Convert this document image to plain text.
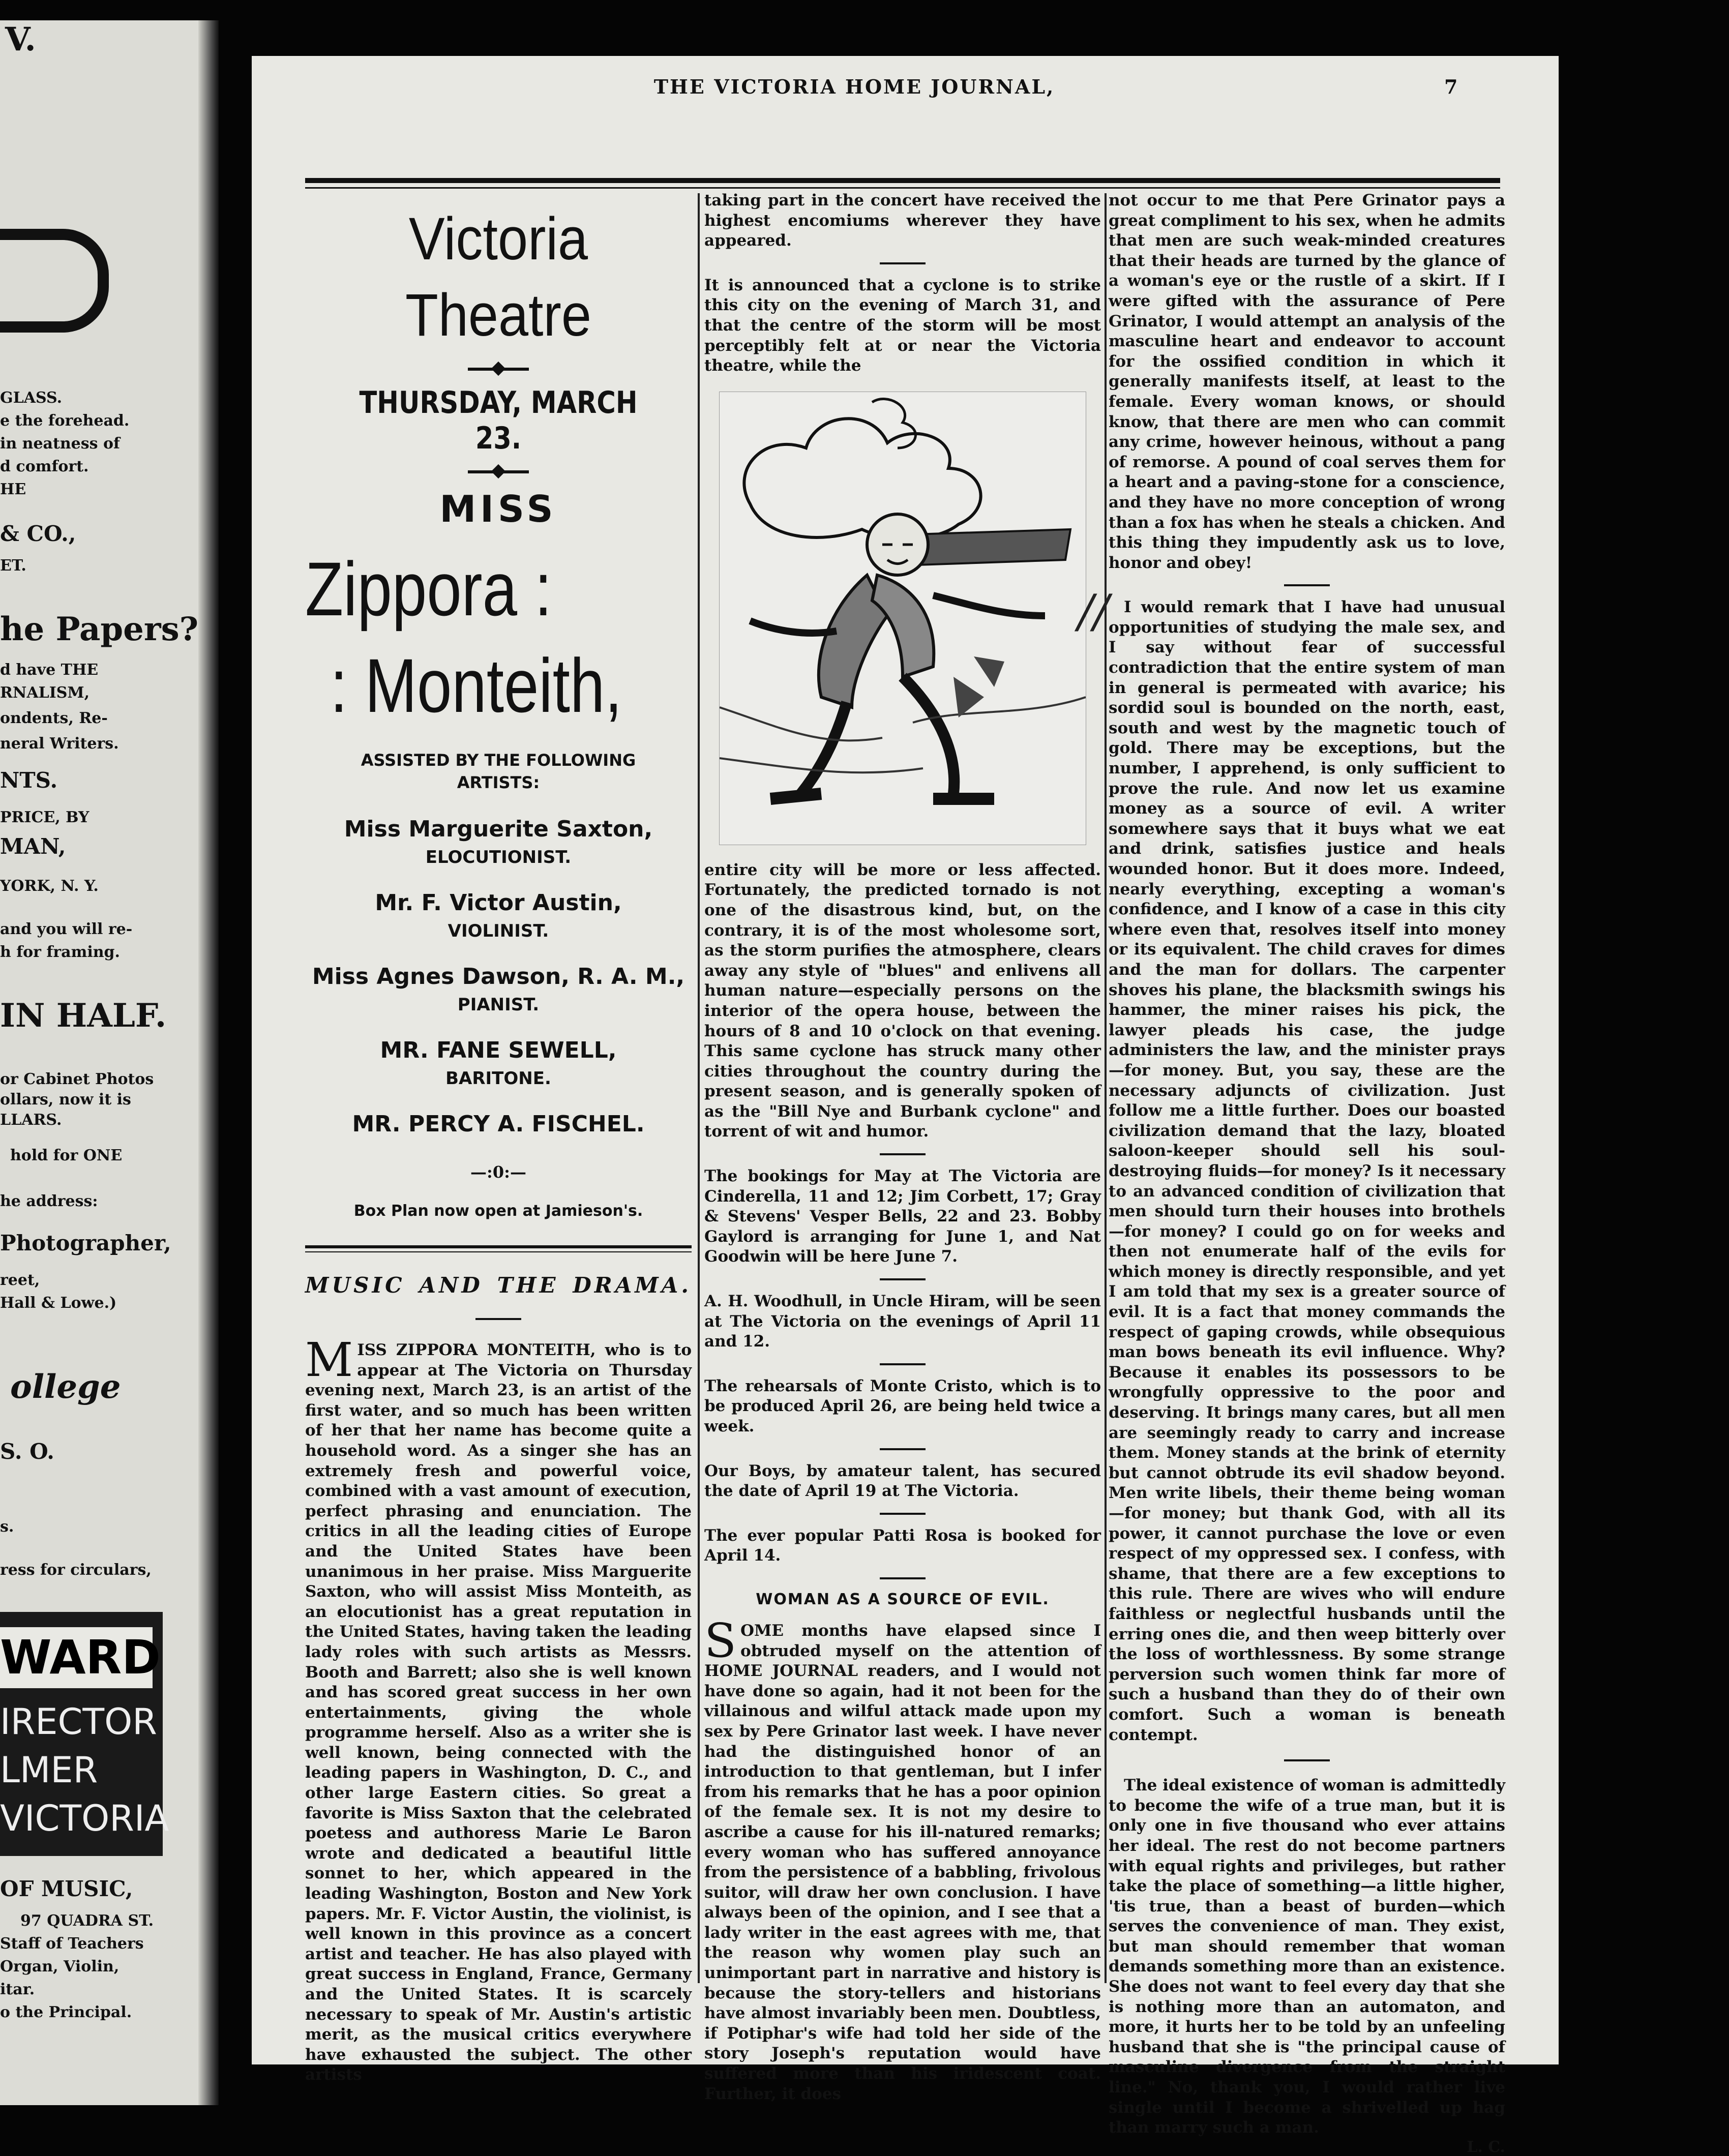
V.
GLASS.
e the forehead.
in neatness of
d comfort.
HE
& CO.,
ET.
he Papers?
d have THE
RNALISM,
ondents, Re-
neral Writers.
NTS.
PRICE, BY
MAN,
YORK, N. Y.
and you will re-
h for framing.
IN HALF.
or Cabinet Photos
ollars, now it is
LLARS.
hold for ONE
he address:
Photographer,
reet,
Hall & Lowe.)
ollege
S. O.
s.
ress for circulars,
WARD
IRECTOR
LMER
VICTORIA
OF MUSIC,
97 QUADRA ST.
Staff of Teachers
Organ, Violin,
itar.
o the Principal.
THE VICTORIA HOME JOURNAL,	7
Victoria Theatre
THURSDAY, MARCH 23.
MISS
Zippora :
: Monteith,
ASSISTED BY THE FOLLOWING ARTISTS:
Miss Marguerite Saxton,
ELOCUTIONIST.
Mr. F. Victor Austin,
VIOLINIST.
Miss Agnes Dawson, R. A. M.,
PIANIST.
MR. FANE SEWELL,
BARITONE.
MR. PERCY A. FISCHEL.
—:0:—
Box Plan now open at Jamieson's.
MUSIC AND THE DRAMA.

MISS ZIPPORA MONTEITH, who is to appear at The Victoria on Thursday evening next, March 23, is an artist of the first water, and so much has been written of her that her name has become quite a household word. As a singer she has an extremely fresh and powerful voice, combined with a vast amount of execution, perfect phrasing and enunciation. The critics in all the leading cities of Europe and the United States have been unanimous in her praise. Miss Marguerite Saxton, who will assist Miss Monteith, as an elocutionist has a great reputation in the United States, having taken the leading lady roles with such artists as Messrs. Booth and Barrett; also she is well known and has scored great success in her own entertainments, giving the whole programme herself. Also as a writer she is well known, being connected with the leading papers in Washington, D. C., and other large Eastern cities. So great a favorite is Miss Saxton that the celebrated poetess and authoress Marie Le Baron wrote and dedicated a beautiful little sonnet to her, which appeared in the leading Washington, Boston and New York papers. Mr. F. Victor Austin, the violinist, is well known in this province as a concert artist and teacher. He has also played with great success in England, France, Germany and the United States. It is scarcely necessary to speak of Mr. Austin's artistic merit, as the musical critics everywhere have exhausted the subject. The other artists

taking part in the concert have received the highest encomiums wherever they have appeared.

It is announced that a cyclone is to strike this city on the evening of March 31, and that the centre of the storm will be most perceptibly felt at or near the Victoria theatre, while the

entire city will be more or less affected. Fortunately, the predicted tornado is not one of the disastrous kind, but, on the contrary, it is of the most wholesome sort, as the storm purifies the atmosphere, clears away any style of "blues" and enlivens all human nature—especially persons on the interior of the opera house, between the hours of 8 and 10 o'clock on that evening. This same cyclone has struck many other cities throughout the country during the present season, and is generally spoken of as the "Bill Nye and Burbank cyclone" and torrent of wit and humor.

The bookings for May at The Victoria are Cinderella, 11 and 12; Jim Corbett, 17; Gray & Stevens' Vesper Bells, 22 and 23. Bobby Gaylord is arranging for June 1, and Nat Goodwin will be here June 7.

A. H. Woodhull, in Uncle Hiram, will be seen at The Victoria on the evenings of April 11 and 12.

The rehearsals of Monte Cristo, which is to be produced April 26, are being held twice a week.

Our Boys, by amateur talent, has secured the date of April 19 at The Victoria.

The ever popular Patti Rosa is booked for April 14.

WOMAN AS A SOURCE OF EVIL.

SOME months have elapsed since I obtruded myself on the attention of HOME JOURNAL readers, and I would not have done so again, had it not been for the villainous and wilful attack made upon my sex by Pere Grinator last week. I have never had the distinguished honor of an introduction to that gentleman, but I infer from his remarks that he has a poor opinion of the female sex. It is not my desire to ascribe a cause for his ill-natured remarks; every woman who has suffered annoyance from the persistence of a babbling, frivolous suitor, will draw her own conclusion. I have always been of the opinion, and I see that a lady writer in the east agrees with me, that the reason why women play such an unimportant part in narrative and history is because the story-tellers and historians have almost invariably been men. Doubtless, if Potiphar's wife had told her side of the story Joseph's reputation would have suffered more than his iridescent coat. Further, it does

not occur to me that Pere Grinator pays a great compliment to his sex, when he admits that men are such weak-minded creatures that their heads are turned by the glance of a woman's eye or the rustle of a skirt. If I were gifted with the assurance of Pere Grinator, I would attempt an analysis of the masculine heart and endeavor to account for the ossified condition in which it generally manifests itself, at least to the female. Every woman knows, or should know, that there are men who can commit any crime, however heinous, without a pang of remorse. A pound of coal serves them for a heart and a paving-stone for a conscience, and they have no more conception of wrong than a fox has when he steals a chicken. And this thing they impudently ask us to love, honor and obey!

I would remark that I have had unusual opportunities of studying the male sex, and I say without fear of successful contradiction that the entire system of man in general is permeated with avarice; his sordid soul is bounded on the north, east, south and west by the magnetic touch of gold. There may be exceptions, but the number, I apprehend, is only sufficient to prove the rule. And now let us examine money as a source of evil. A writer somewhere says that it buys what we eat and drink, satisfies justice and heals wounded honor. But it does more. Indeed, nearly everything, excepting a woman's confidence, and I know of a case in this city where even that, resolves itself into money or its equivalent. The child craves for dimes and the man for dollars. The carpenter shoves his plane, the blacksmith swings his hammer, the miner raises his pick, the lawyer pleads his case, the judge administers the law, and the minister prays—for money. But, you say, these are the necessary adjuncts of civilization. Just follow me a little further. Does our boasted civilization demand that the lazy, bloated saloon-keeper should sell his soul-destroying fluids—for money? Is it necessary to an advanced condition of civilization that men should turn their houses into brothels—for money? I could go on for weeks and then not enumerate half of the evils for which money is directly responsible, and yet I am told that my sex is a greater source of evil. It is a fact that money commands the respect of gaping crowds, while obsequious man bows beneath its evil influence. Why? Because it enables its possessors to be wrongfully oppressive to the poor and deserving. It brings many cares, but all men are seemingly ready to carry and increase them. Money stands at the brink of eternity but cannot obtrude its evil shadow beyond. Men write libels, their theme being woman—for money; but thank God, with all its power, it cannot purchase the love or even respect of my oppressed sex. I confess, with shame, that there are a few exceptions to this rule. There are wives who will endure faithless or neglectful husbands until the erring ones die, and then weep bitterly over the loss of worthlessness. By some strange perversion such women think far more of such a husband than they do of their own comfort. Such a woman is beneath contempt.

The ideal existence of woman is admittedly to become the wife of a true man, but it is only one in five thousand who ever attains her ideal. The rest do not become partners with equal rights and privileges, but rather take the place of something—a little higher, 'tis true, than a beast of burden—which serves the convenience of man. They exist, but man should remember that woman demands something more than an existence. She does not want to feel every day that she is nothing more than an automaton, and more, it hurts her to be told by an unfeeling husband that she is "the principal cause of masculine divergence from the straight line." No, thank you, I would rather live single until I become a shrivelled up hag than marry such a man.

L. C.
//
